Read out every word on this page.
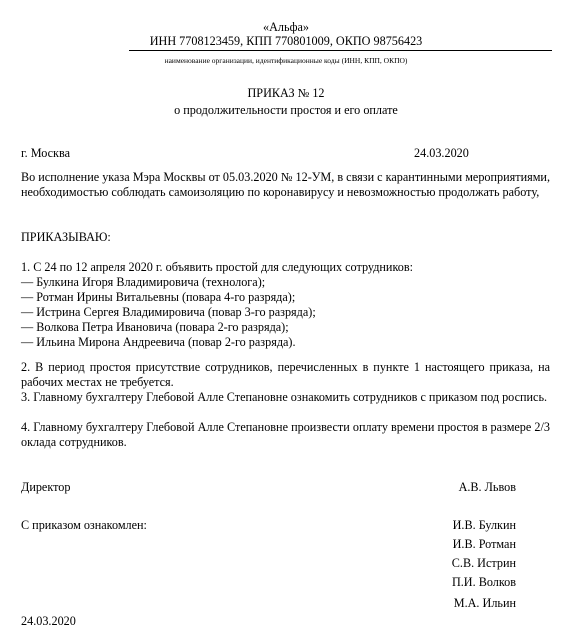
«Альфа»
ИНН 7708123459, КПП 770801009, ОКПО 98756423
наименование организации, идентификационные коды (ИНН, КПП, ОКПО)
ПРИКАЗ № 12
о продолжительности простоя и его оплате
г. Москва	24.03.2020
Во исполнение указа Мэра Москвы от 05.03.2020 № 12-УМ, в связи с карантинными мероприятиями, необходимостью соблюдать самоизоляцию по коронавирусу и невозможностью продолжать работу,
ПРИКАЗЫВАЮ:
1. С 24 по 12 апреля 2020 г. объявить простой для следующих сотрудников:
— Булкина Игоря Владимировича (технолога);
— Ротман Ирины Витальевны (повара 4-го разряда);
— Истрина Сергея Владимировича (повар 3-го разряда);
— Волкова Петра Ивановича (повара 2-го разряда);
— Ильина Мирона Андреевича (повар 2-го разряда).
2. В период простоя присутствие сотрудников, перечисленных в пункте 1 настоящего приказа, на рабочих местах не требуется.
3. Главному бухгалтеру Глебовой Алле Степановне ознакомить сотрудников с приказом под роспись.
4. Главному бухгалтеру Глебовой Алле Степановне произвести оплату времени простоя в размере 2/3 оклада сотрудников.
Директор	А.В. Львов
С приказом ознакомлен:	И.В. Булкин
И.В. Ротман
С.В. Истрин
П.И. Волков
М.А. Ильин
24.03.2020
